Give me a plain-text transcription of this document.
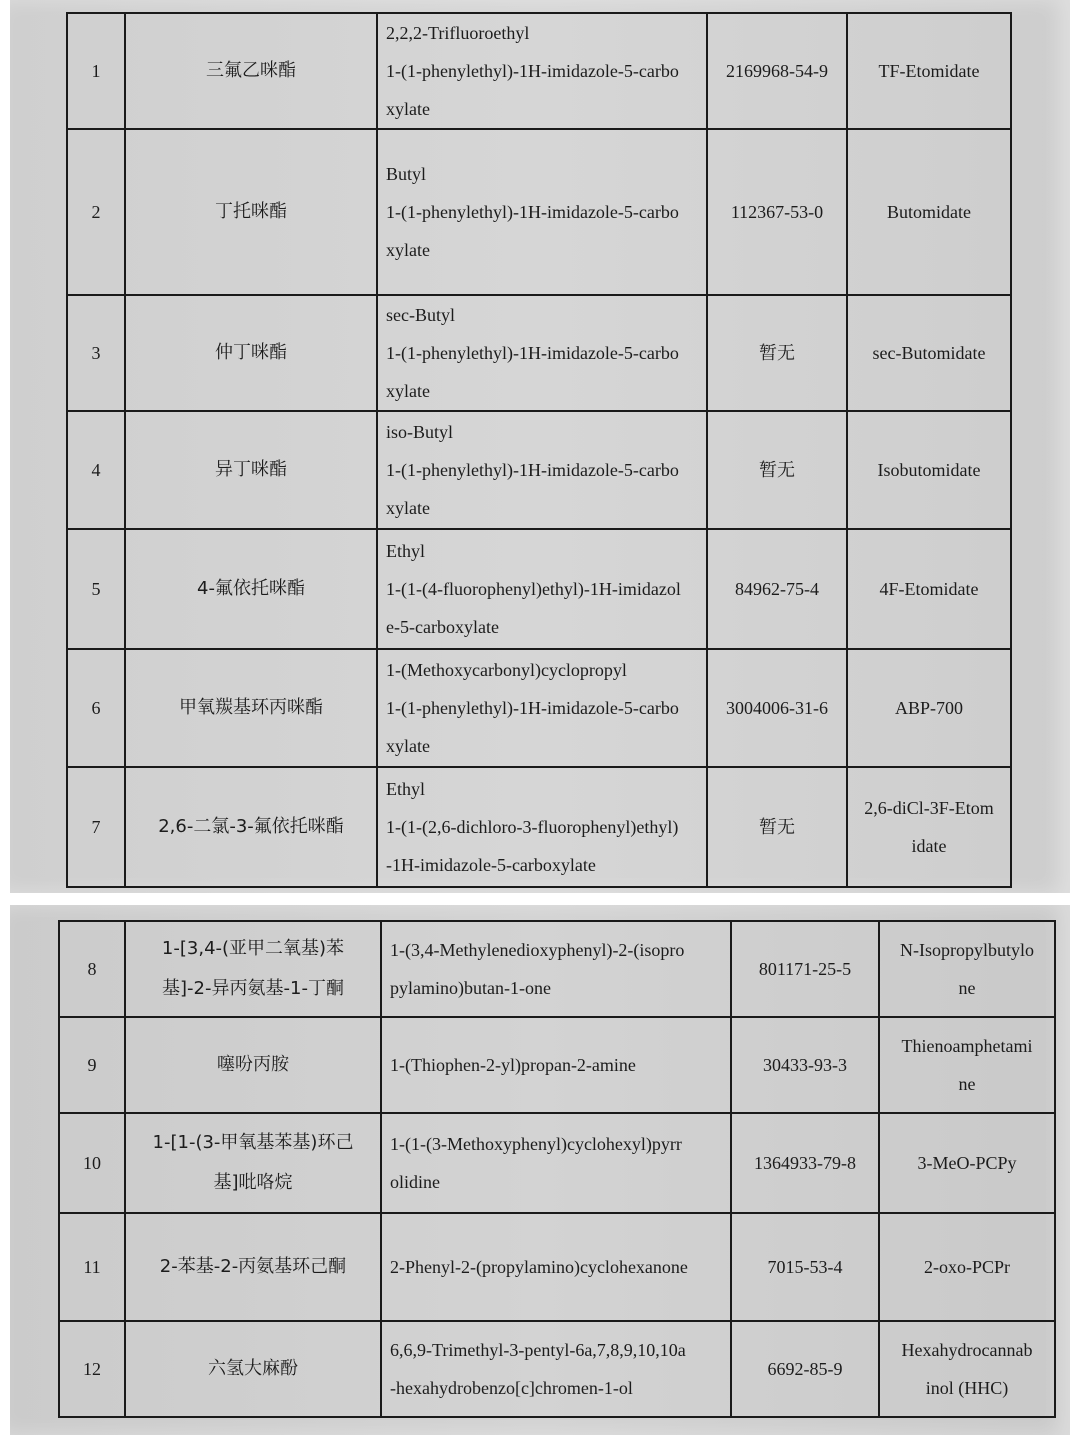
1	三氟乙咪酯	2,2,2-Trifluoroethyl
1-(1-phenylethyl)-1H-imidazole-5-carbo
xylate	2169968-54-9	TF-Etomidate

2	丁托咪酯	Butyl
1-(1-phenylethyl)-1H-imidazole-5-carbo
xylate	112367-53-0	Butomidate

3	仲丁咪酯	sec-Butyl
1-(1-phenylethyl)-1H-imidazole-5-carbo
xylate	暂无	sec-Butomidate

4	异丁咪酯	iso-Butyl
1-(1-phenylethyl)-1H-imidazole-5-carbo
xylate	暂无	Isobutomidate

5	4-氟依托咪酯	Ethyl
1-(1-(4-fluorophenyl)ethyl)-1H-imidazol
e-5-carboxylate	84962-75-4	4F-Etomidate

6	甲氧羰基环丙咪酯	1-(Methoxycarbonyl)cyclopropyl
1-(1-phenylethyl)-1H-imidazole-5-carbo
xylate	3004006-31-6	ABP-700

7	2,6-二氯-3-氟依托咪酯	Ethyl
1-(1-(2,6-dichloro-3-fluorophenyl)ethyl)
-1H-imidazole-5-carboxylate	暂无	2,6-diCl-3F-Etom
idate
8	1-[3,4-(亚甲二氧基)苯
基]-2-异丙氨基-1-丁酮	1-(3,4-Methylenedioxyphenyl)-2-(isopro
pylamino)butan-1-one	801171-25-5	N-Isopropylbutylo
ne

9	噻吩丙胺	1-(Thiophen-2-yl)propan-2-amine	30433-93-3	Thienoamphetami
ne

10	1-[1-(3-甲氧基苯基)环己
基]吡咯烷	1-(1-(3-Methoxyphenyl)cyclohexyl)pyrr
olidine	1364933-79-8	3-MeO-PCPy

11	2-苯基-2-丙氨基环己酮	2-Phenyl-2-(propylamino)cyclohexanone	7015-53-4	2-oxo-PCPr

12	六氢大麻酚	6,6,9-Trimethyl-3-pentyl-6a,7,8,9,10,10a
-hexahydrobenzo[c]chromen-1-ol	6692-85-9	Hexahydrocannab
inol (HHC)
